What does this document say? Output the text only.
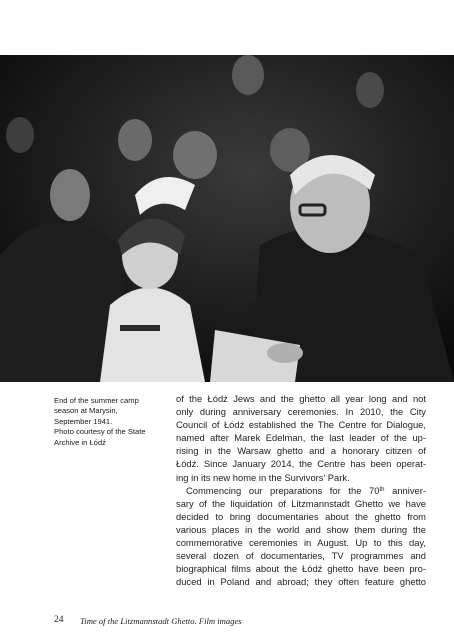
End of the summer camp
season at Marysin,
September 1941.
Photo courtesy of the State
Archive in Łódź
of the Łódź Jews and the ghetto all year long and not
only during anniversary ceremonies. In 2010, the City
Council of Łódź established the The Centre for Dialogue,
named after Marek Edelman, the last leader of the up-
rising in the Warsaw ghetto and a honorary citizen of
Łódź. Since January 2014, the Centre has been operat-
ing in its new home in the Survivors’ Park.
Commencing our preparations for the 70th anniver-
sary of the liquidation of Litzmannstadt Ghetto we have
decided to bring documentaries about the ghetto from
various places in the world and show them during the
commemorative ceremonies in August. Up to this day,
several dozen of documentaries, TV programmes and
biographical films about the Łódź ghetto have been pro-
duced in Poland and abroad; they often feature ghetto
24 Time of the Litzmannstadt Ghetto. Film images
